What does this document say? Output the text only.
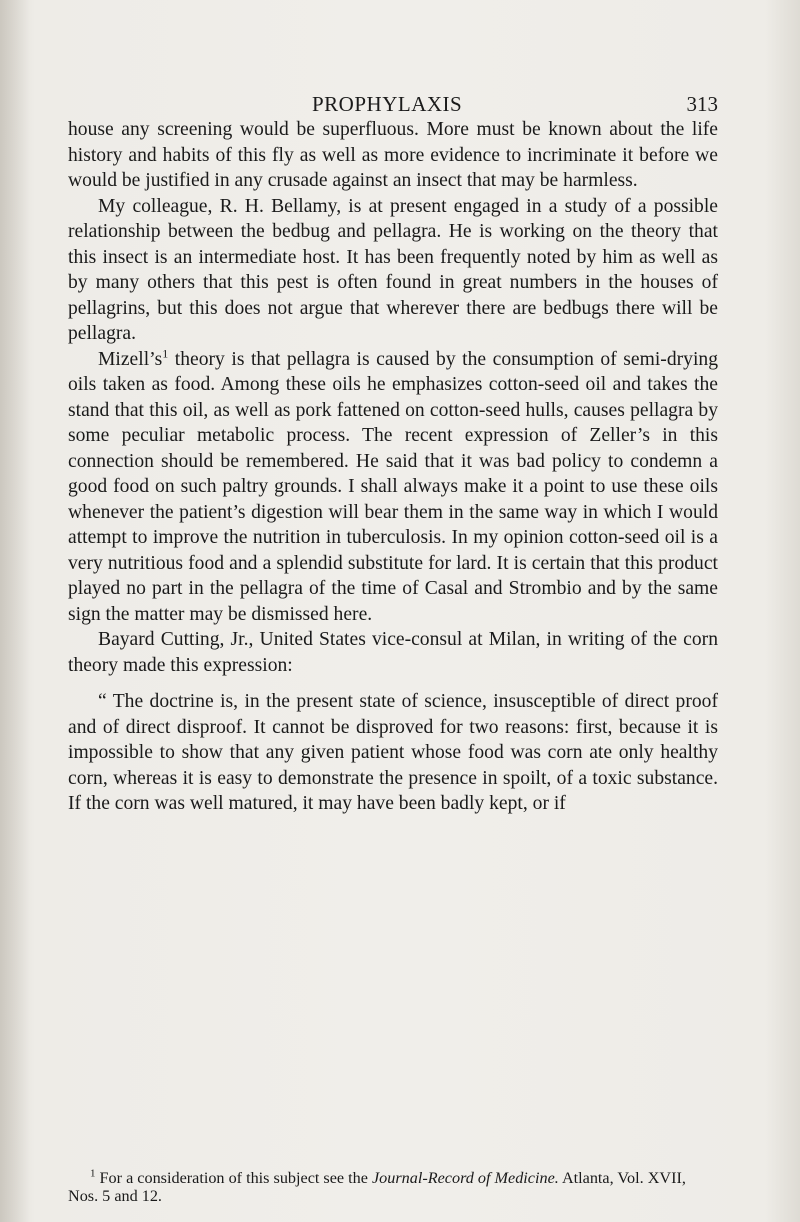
PROPHYLAXIS	313

house any screening would be superfluous. More must be known about the life history and habits of this fly as well as more evidence to incriminate it before we would be justified in any crusade against an insect that may be harmless.

My colleague, R. H. Bellamy, is at present engaged in a study of a possible relationship between the bedbug and pellagra. He is working on the theory that this insect is an intermediate host. It has been frequently noted by him as well as by many others that this pest is often found in great numbers in the houses of pellagrins, but this does not argue that wherever there are bedbugs there will be pellagra.

Mizell’s$^1$ theory is that pellagra is caused by the consumption of semi-drying oils taken as food. Among these oils he emphasizes cotton-seed oil and takes the stand that this oil, as well as pork fattened on cotton-seed hulls, causes pellagra by some peculiar metabolic process. The recent expression of Zeller’s in this connection should be remembered. He said that it was bad policy to condemn a good food on such paltry grounds. I shall always make it a point to use these oils whenever the patient’s digestion will bear them in the same way in which I would attempt to improve the nutrition in tuberculosis. In my opinion cotton-seed oil is a very nutritious food and a splendid substitute for lard. It is certain that this product played no part in the pellagra of the time of Casal and Strombio and by the same sign the matter may be dismissed here.

Bayard Cutting, Jr., United States vice-consul at Milan, in writing of the corn theory made this expression:

“ The doctrine is, in the present state of science, insusceptible of direct proof and of direct disproof. It cannot be disproved for two reasons: first, because it is impossible to show that any given patient whose food was corn ate only healthy corn, whereas it is easy to demonstrate the presence in spoilt, of a toxic substance. If the corn was well matured, it may have been badly kept, or if

$^1$ For a consideration of this subject see the Journal-Record of Medicine. Atlanta, Vol. XVII, Nos. 5 and 12.
